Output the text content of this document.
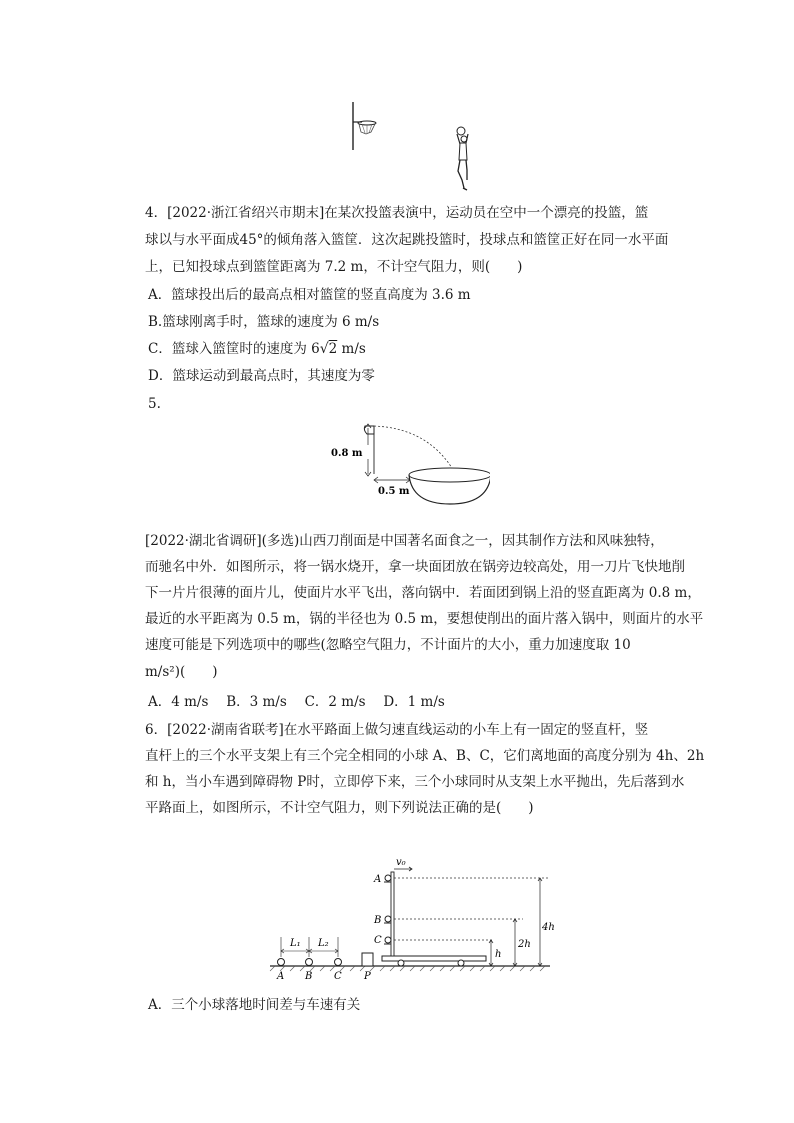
4．[2022·浙江省绍兴市期末]在某次投篮表演中，运动员在空中一个漂亮的投篮，篮
球以与水平面成45°的倾角落入篮筐．这次起跳投篮时，投球点和篮筐正好在同一水平面
上，已知投球点到篮筐距离为 7.2 m，不计空气阻力，则(　　)
A．篮球投出后的最高点相对篮筐的竖直高度为 3.6 m
B.篮球刚离手时，篮球的速度为 6 m/s
C．篮球入篮筐时的速度为 6√2 m/s
D．篮球运动到最高点时，其速度为零
5.
0.8 m
0.5 m
[2022·湖北省调研](多选)山西刀削面是中国著名面食之一，因其制作方法和风味独特，
而驰名中外．如图所示，将一锅水烧开，拿一块面团放在锅旁边较高处，用一刀片飞快地削
下一片片很薄的面片儿，使面片水平飞出，落向锅中．若面团到锅上沿的竖直距离为 0.8 m，
最近的水平距离为 0.5 m，锅的半径也为 0.5 m，要想使削出的面片落入锅中，则面片的水平
速度可能是下列选项中的哪些(忽略空气阻力，不计面片的大小，重力加速度取 10
m/s²)(　　)
A．4 m/s　 B．3 m/s　 C．2 m/s　 D．1 m/s
6．[2022·湖南省联考]在水平路面上做匀速直线运动的小车上有一固定的竖直杆，竖
直杆上的三个水平支架上有三个完全相同的小球 A、B、C，它们离地面的高度分别为 4h、2h
和 h，当小车遇到障碍物 P时，立即停下来，三个小球同时从支架上水平抛出，先后落到水
平路面上，如图所示，不计空气阻力，则下列说法正确的是(　　)
L₁ L₂
A B C P
A
B
C
v₀
4h
2h
h
A．三个小球落地时间差与车速有关
